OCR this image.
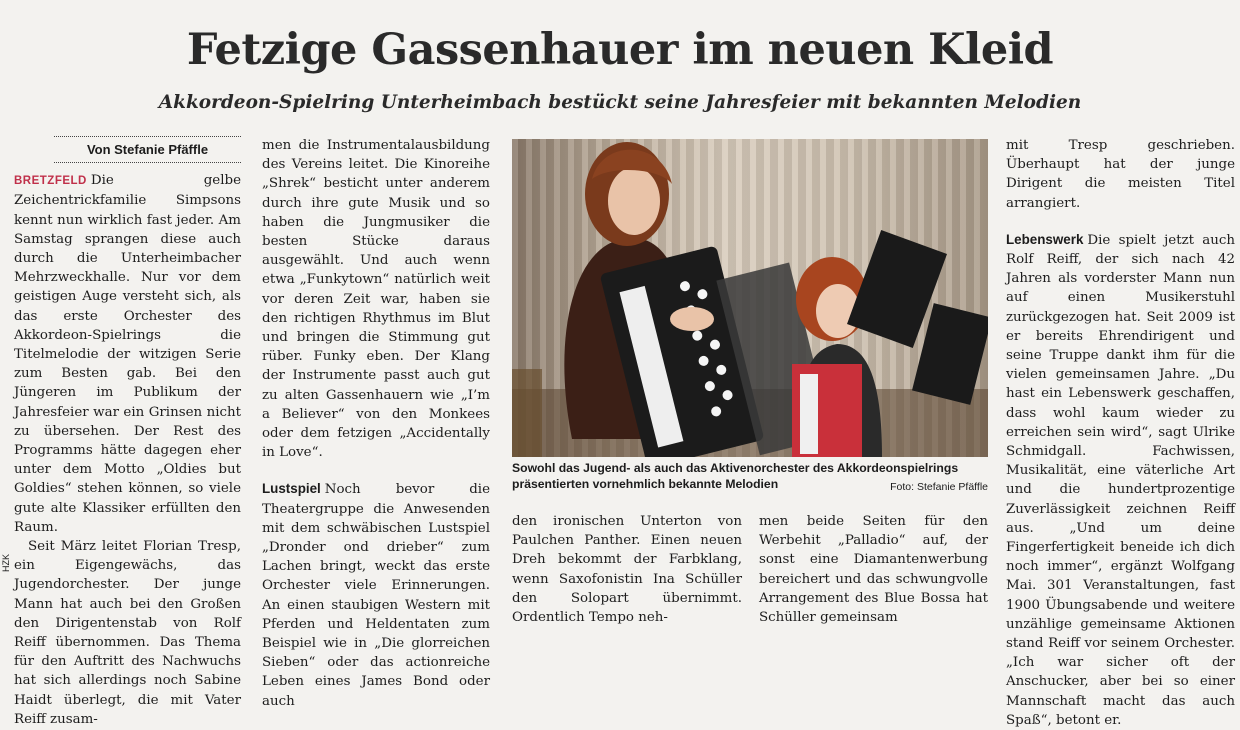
Fetzige Gassenhauer im neuen Kleid
Akkordeon-Spielring Unterheimbach bestückt seine Jahresfeier mit bekannten Melodien
Von Stefanie Pfäffle

BRETZFELD Die gelbe Zeichentrickfamilie Simpsons kennt nun wirklich fast jeder. Am Samstag sprangen diese auch durch die Unterheimbacher Mehrzweckhalle. Nur vor dem geistigen Auge versteht sich, als das erste Orchester des Akkordeon-Spielrings die Titelmelodie der witzigen Serie zum Besten gab. Bei den Jüngeren im Publikum der Jahresfeier war ein Grinsen nicht zu übersehen. Der Rest des Programms hätte dagegen eher unter dem Motto „Oldies but Goldies“ stehen können, so viele gute alte Klassiker erfüllten den Raum.

Seit März leitet Florian Tresp, ein Eigengewächs, das Jugendorchester. Der junge Mann hat auch bei den Großen den Dirigentenstab von Rolf Reiff übernommen. Das Thema für den Auftritt des Nachwuchs hat sich allerdings noch Sabine Haidt überlegt, die mit Vater Reiff zusam-

men die Instrumentalausbildung des Vereins leitet. Die Kinoreihe „Shrek“ besticht unter anderem durch ihre gute Musik und so haben die Jungmusiker die besten Stücke daraus ausgewählt. Und auch wenn etwa „Funkytown“ natürlich weit vor deren Zeit war, haben sie den richtigen Rhythmus im Blut und bringen die Stimmung gut rüber. Funky eben. Der Klang der Instrumente passt auch gut zu alten Gassenhauern wie „I’m a Believer“ von den Monkees oder dem fetzigen „Accidentally in Love“.

Lustspiel Noch bevor die Theatergruppe die Anwesenden mit dem schwäbischen Lustspiel „Dronder ond drieber“ zum Lachen bringt, weckt das erste Orchester viele Erinnerungen. An einen staubigen Western mit Pferden und Heldentaten zum Beispiel wie in „Die glorreichen Sieben“ oder das actionreiche Leben eines James Bond oder auch

Sowohl das Jugend- als auch das Aktivenorchester des Akkordeonspielrings präsentierten vornehmlich bekannte Melodien	Foto: Stefanie Pfäffle

den ironischen Unterton von Paulchen Panther. Einen neuen Dreh bekommt der Farbklang, wenn Saxofonistin Ina Schüller den Solopart übernimmt. Ordentlich Tempo neh-

men beide Seiten für den Werbehit „Palladio“ auf, der sonst eine Diamantenwerbung bereichert und das schwungvolle Arrangement des Blue Bossa hat Schüller gemeinsam

mit Tresp geschrieben. Überhaupt hat der junge Dirigent die meisten Titel arrangiert.

Lebenswerk Die spielt jetzt auch Rolf Reiff, der sich nach 42 Jahren als vorderster Mann nun auf einen Musikerstuhl zurückgezogen hat. Seit 2009 ist er bereits Ehrendirigent und seine Truppe dankt ihm für die vielen gemeinsamen Jahre. „Du hast ein Lebenswerk geschaffen, dass wohl kaum wieder zu erreichen sein wird“, sagt Ulrike Schmidgall. Fachwissen, Musikalität, eine väterliche Art und die hundertprozentige Zuverlässigkeit zeichnen Reiff aus. „Und um deine Fingerfertigkeit beneide ich dich noch immer“, ergänzt Wolfgang Mai. 301 Veranstaltungen, fast 1900 Übungsabende und weitere unzählige gemeinsame Aktionen stand Reiff vor seinem Orchester. „Ich war sicher oft der Anschucker, aber bei so einer Mannschaft macht das auch Spaß“, betont er.

HZK
